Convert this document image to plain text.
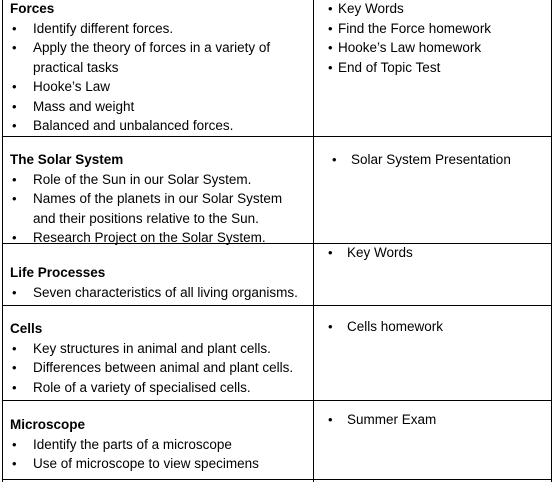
Forces
• Identify different forces.
• Apply the theory of forces in a variety of practical tasks
• Hooke’s Law
• Mass and weight
• Balanced and unbalanced forces.
• Key Words
• Find the Force homework
• Hooke’s Law homework
• End of Topic Test
The Solar System
• Role of the Sun in our Solar System.
• Names of the planets in our Solar System and their positions relative to the Sun.
• Research Project on the Solar System.
• Solar System Presentation
Life Processes
• Seven characteristics of all living organisms.
• Key Words
Cells
• Key structures in animal and plant cells.
• Differences between animal and plant cells.
• Role of a variety of specialised cells.
• Cells homework
Microscope
• Identify the parts of a microscope
• Use of microscope to view specimens
• Summer Exam
